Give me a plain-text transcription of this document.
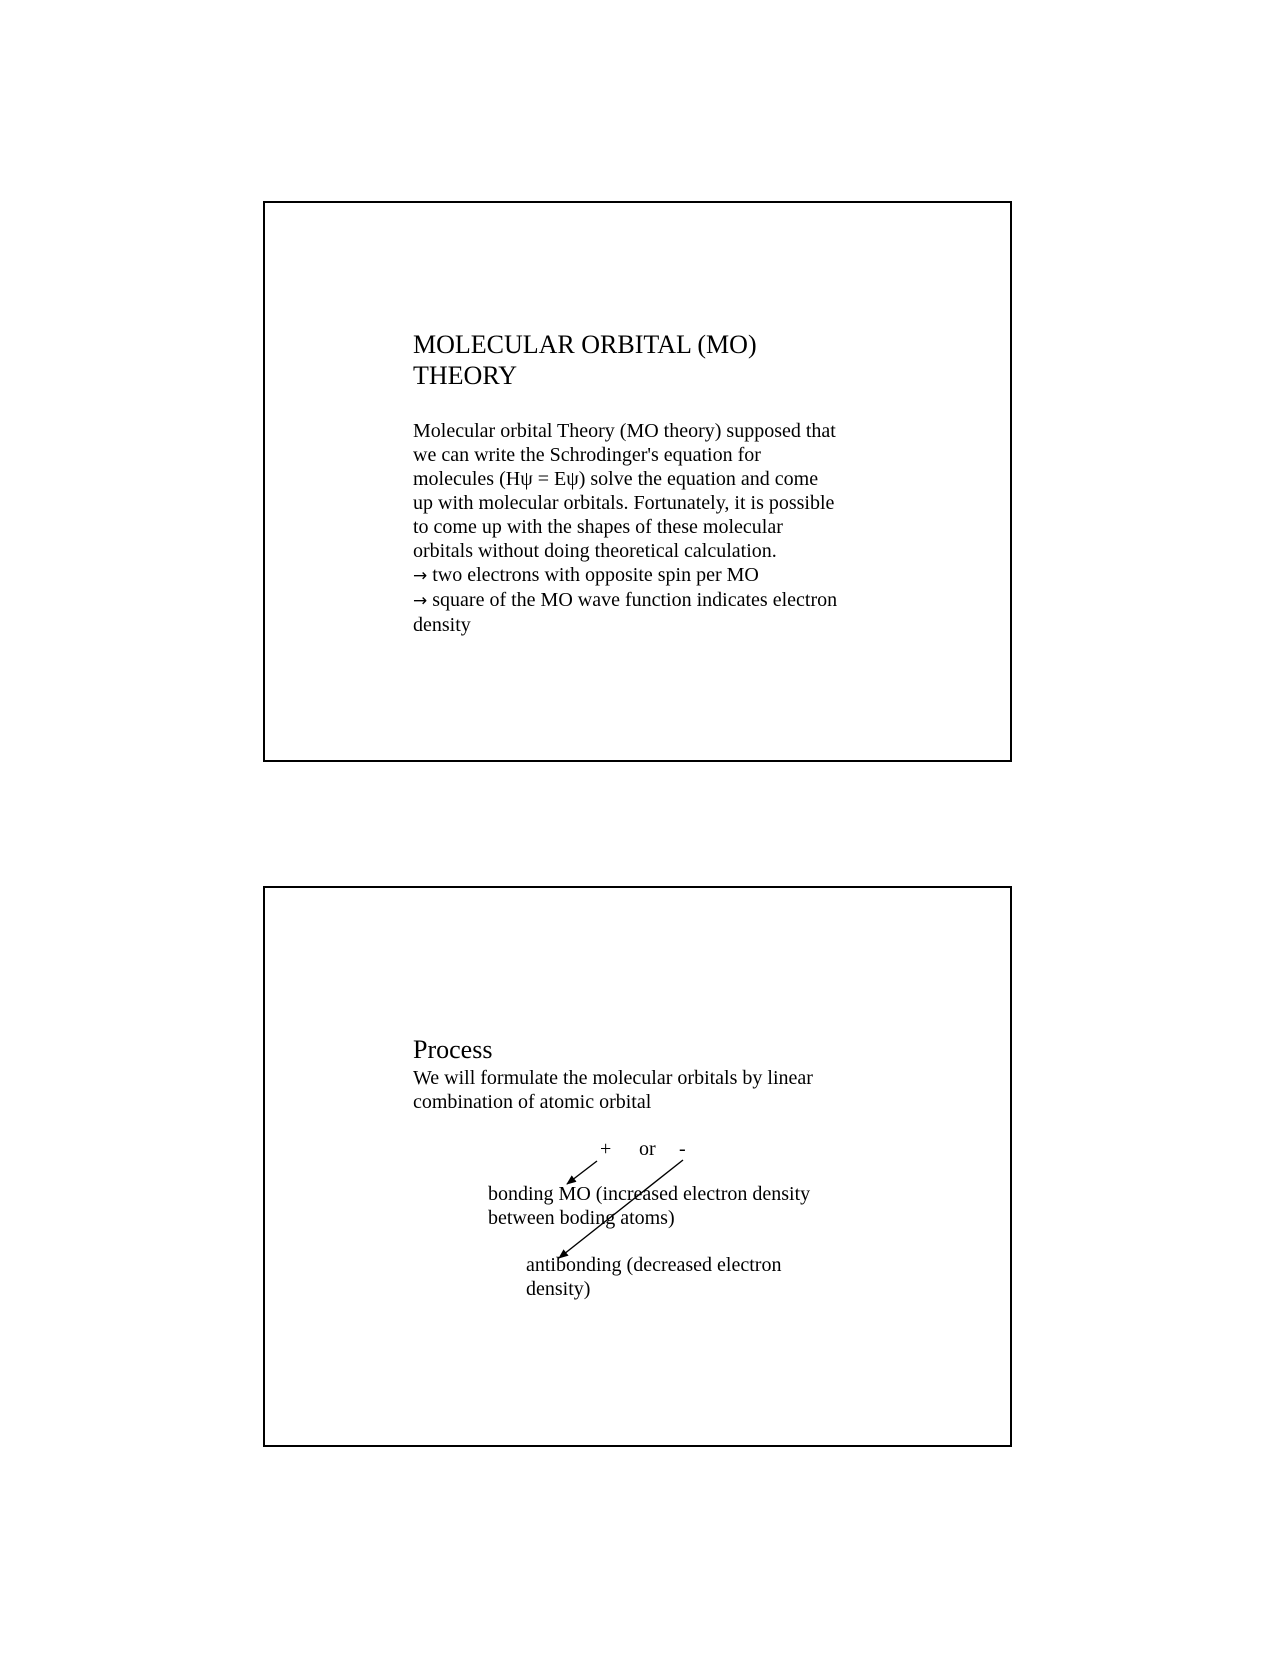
MOLECULAR ORBITAL (MO)
THEORY
Molecular orbital Theory (MO theory) supposed that
we can write the Schrodinger's equation for
molecules (Hψ = Eψ) solve the equation and come
up with molecular orbitals. Fortunately, it is possible
to come up with the shapes of these molecular
orbitals without doing theoretical calculation.
→ two electrons with opposite spin per MO
→ square of the MO wave function indicates electron
density
Process
We will formulate the molecular orbitals by linear
combination of atomic orbital
+ or -
bonding MO (increased electron density
between boding atoms)
antibonding (decreased electron
density)
